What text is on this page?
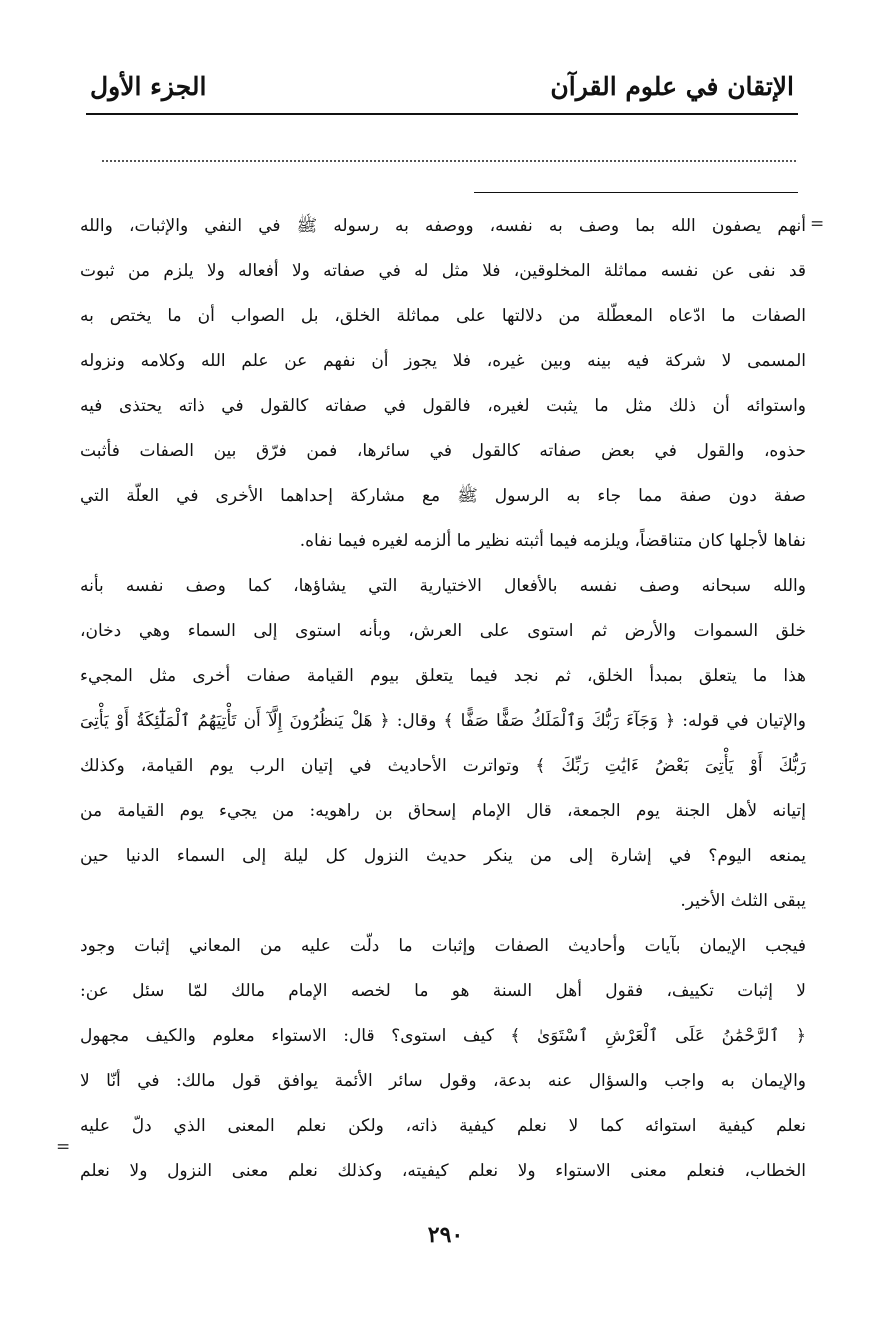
الإتقان في علوم القرآن
الجزء الأول
=
أنهم يصفون الله بما وصف به نفسه، ووصفه به رسوله ﷺ في النفي والإثبات، والله
قد نفى عن نفسه مماثلة المخلوقين، فلا مثل له في صفاته ولا أفعاله ولا يلزم من ثبوت
الصفات ما ادّعاه المعطّلة من دلالتها على مماثلة الخلق، بل الصواب أن ما يختص به
المسمى لا شركة فيه بينه وبين غيره، فلا يجوز أن نفهم عن علم الله وكلامه ونزوله
واستوائه أن ذلك مثل ما يثبت لغيره، فالقول في صفاته كالقول في ذاته يحتذى فيه
حذوه، والقول في بعض صفاته كالقول في سائرها، فمن فرّق بين الصفات فأثبت
صفة دون صفة مما جاء به الرسول ﷺ مع مشاركة إحداهما الأخرى في العلّة التي
نفاها لأجلها كان متناقضاً، ويلزمه فيما أثبته نظير ما ألزمه لغيره فيما نفاه.
والله سبحانه وصف نفسه بالأفعال الاختيارية التي يشاؤها، كما وصف نفسه بأنه
خلق السموات والأرض ثم استوى على العرش، وبأنه استوى إلى السماء وهي دخان،
هذا ما يتعلق بمبدأ الخلق، ثم نجد فيما يتعلق بيوم القيامة صفات أخرى مثل المجيء
والإتيان في قوله: ﴿ وَجَآءَ رَبُّكَ وَٱلْمَلَكُ صَفًّا صَفًّا ﴾ وقال: ﴿ هَلْ يَنظُرُونَ إِلَّآ أَن تَأْتِيَهُمُ ٱلْمَلَٰٓئِكَةُ أَوْ يَأْتِىَ
رَبُّكَ أَوْ يَأْتِىَ بَعْضُ ءَايَٰتِ رَبِّكَ ﴾ وتواترت الأحاديث في إتيان الرب يوم القيامة، وكذلك
إتيانه لأهل الجنة يوم الجمعة، قال الإمام إسحاق بن راهويه: من يجيء يوم القيامة من
يمنعه اليوم؟ في إشارة إلى من ينكر حديث النزول كل ليلة إلى السماء الدنيا حين
يبقى الثلث الأخير.
فيجب الإيمان بآيات وأحاديث الصفات وإثبات ما دلّت عليه من المعاني إثبات وجود
لا إثبات تكييف، فقول أهل السنة هو ما لخصه الإمام مالك لمّا سئل عن:
﴿ ٱلرَّحْمَٰنُ عَلَى ٱلْعَرْشِ ٱسْتَوَىٰ ﴾ كيف استوى؟ قال: الاستواء معلوم والكيف مجهول
والإيمان به واجب والسؤال عنه بدعة، وقول سائر الأئمة يوافق قول مالك: في أنّا لا
نعلم كيفية استوائه كما لا نعلم كيفية ذاته، ولكن نعلم المعنى الذي دلّ عليه
الخطاب، فنعلم معنى الاستواء ولا نعلم كيفيته، وكذلك نعلم معنى النزول ولا نعلم
=
٢٩٠
